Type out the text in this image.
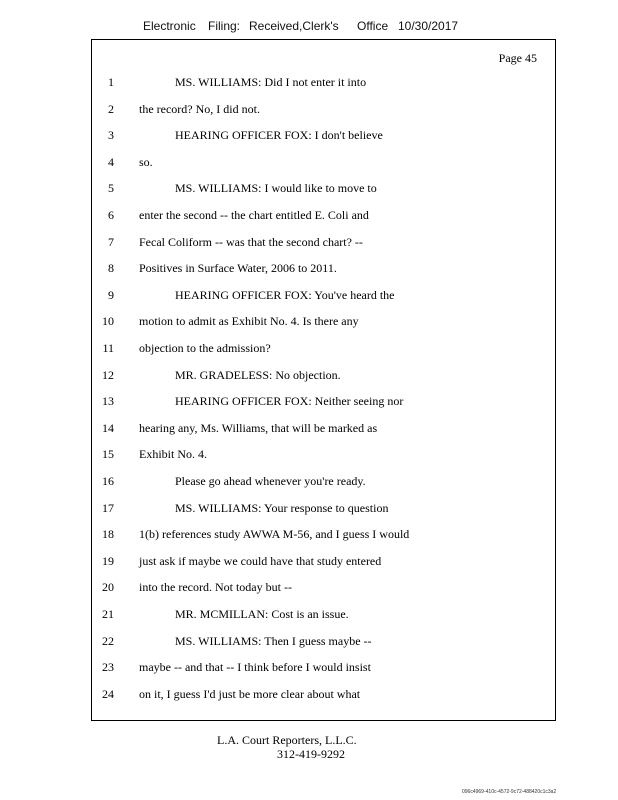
Electronic Filing: Received,Clerk's Office 10/30/2017
Page 45
1	MS. WILLIAMS: Did I not enter it into
2 the record? No, I did not.
3	HEARING OFFICER FOX: I don't believe
4 so.
5	MS. WILLIAMS: I would like to move to
6 enter the second -- the chart entitled E. Coli and
7 Fecal Coliform -- was that the second chart? --
8 Positives in Surface Water, 2006 to 2011.
9	HEARING OFFICER FOX: You've heard the
10 motion to admit as Exhibit No. 4. Is there any
11 objection to the admission?
12	MR. GRADELESS: No objection.
13	HEARING OFFICER FOX: Neither seeing nor
14 hearing any, Ms. Williams, that will be marked as
15 Exhibit No. 4.
16	Please go ahead whenever you're ready.
17	MS. WILLIAMS: Your response to question
18 1(b) references study AWWA M-56, and I guess I would
19 just ask if maybe we could have that study entered
20 into the record. Not today but --
21	MR. MCMILLAN: Cost is an issue.
22	MS. WILLIAMS: Then I guess maybe --
23 maybe -- and that -- I think before I would insist
24 on it, I guess I'd just be more clear about what
L.A. Court Reporters, L.L.C.
312-419-9292
096c4969-410c-4572-9c72-488420c1c3a2
